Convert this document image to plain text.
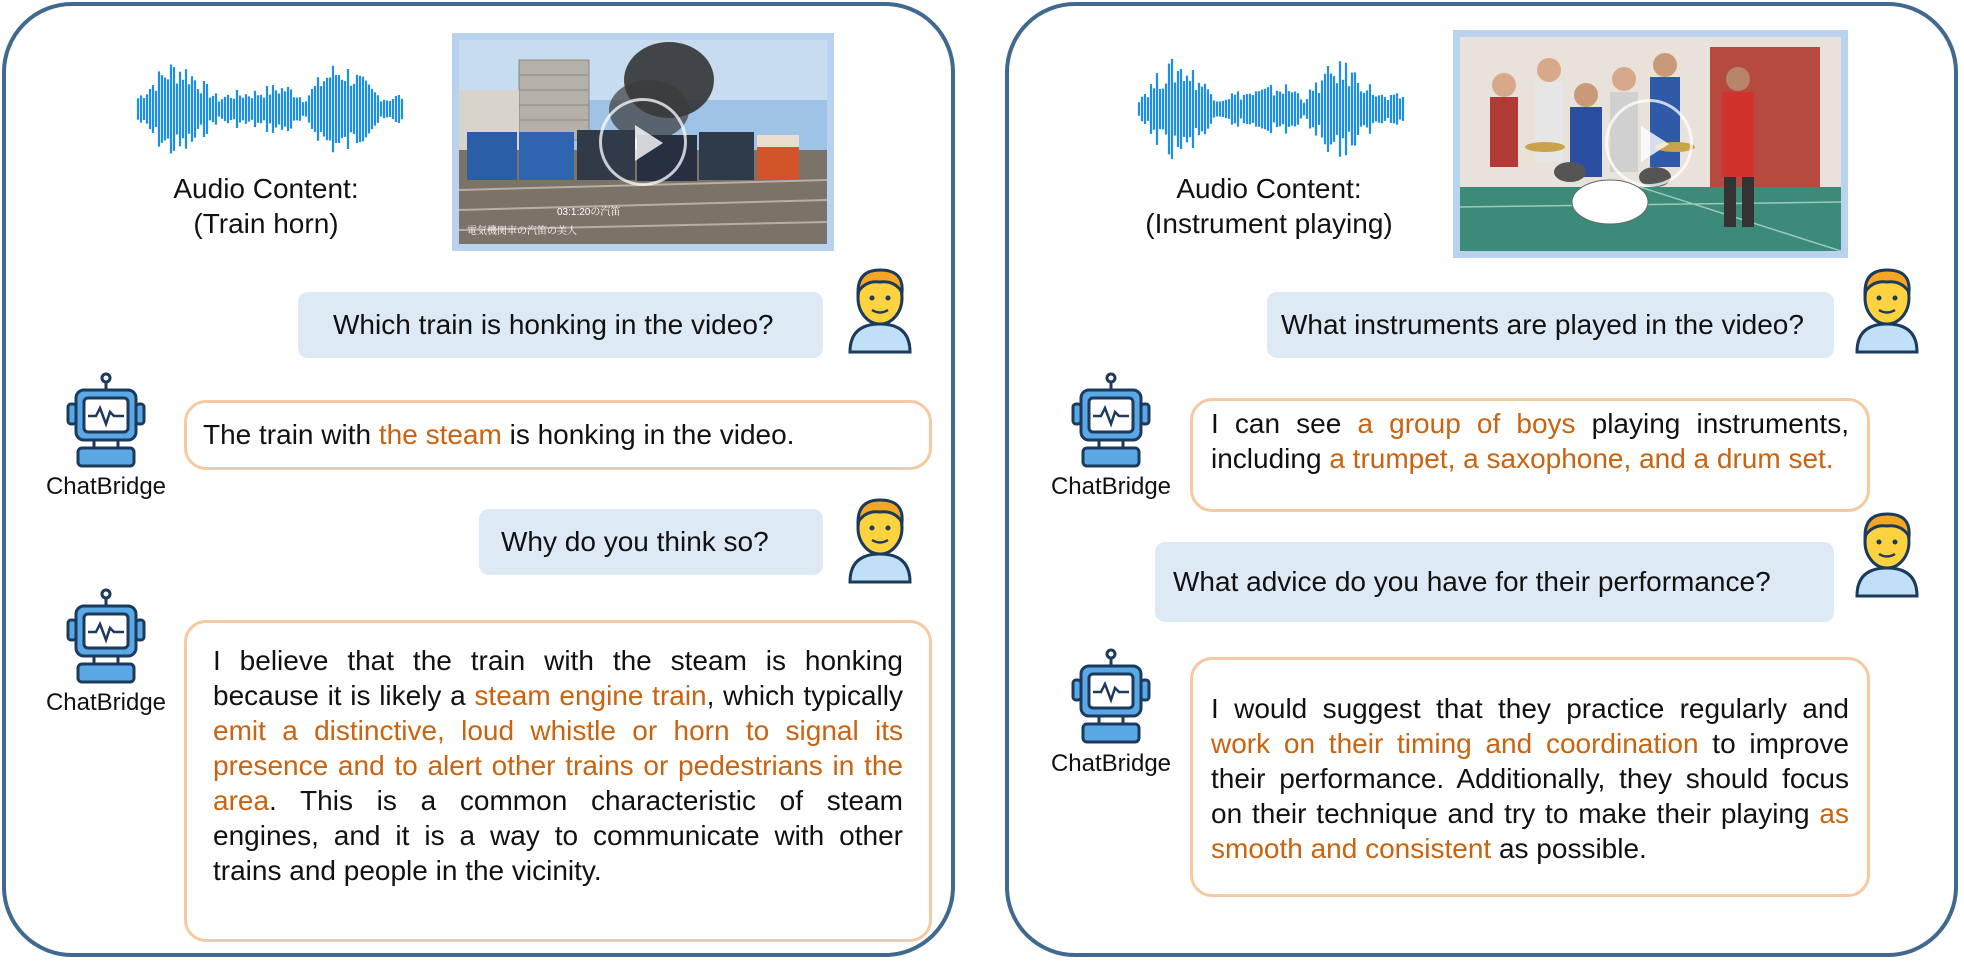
Audio Content:
(Train horn)	03:1:20の汽笛
電気機関車の汽笛の美人
Which train is honking in the video?
ChatBridge

The train with the steam is honking in the video.

Why do you think so?
ChatBridge

I believe that the train with the steam is honking because it is likely a steam engine train, which typically emit a distinctive, loud whistle or horn to signal its presence and to alert other trains or pedestrians in the area. This is a common characteristic of steam engines, and it is a way to communicate with other trains and people in the vicinity.

Audio Content:
(Instrument playing)
What instruments are played in the video?
ChatBridge

I can see a group of boys playing instruments, including a trumpet, a saxophone, and a drum set.

What advice do you have for their performance?
ChatBridge

I would suggest that they practice regularly and work on their timing and coordination to improve their performance. Additionally, they should focus on their technique and try to make their playing as smooth and consistent as possible.
